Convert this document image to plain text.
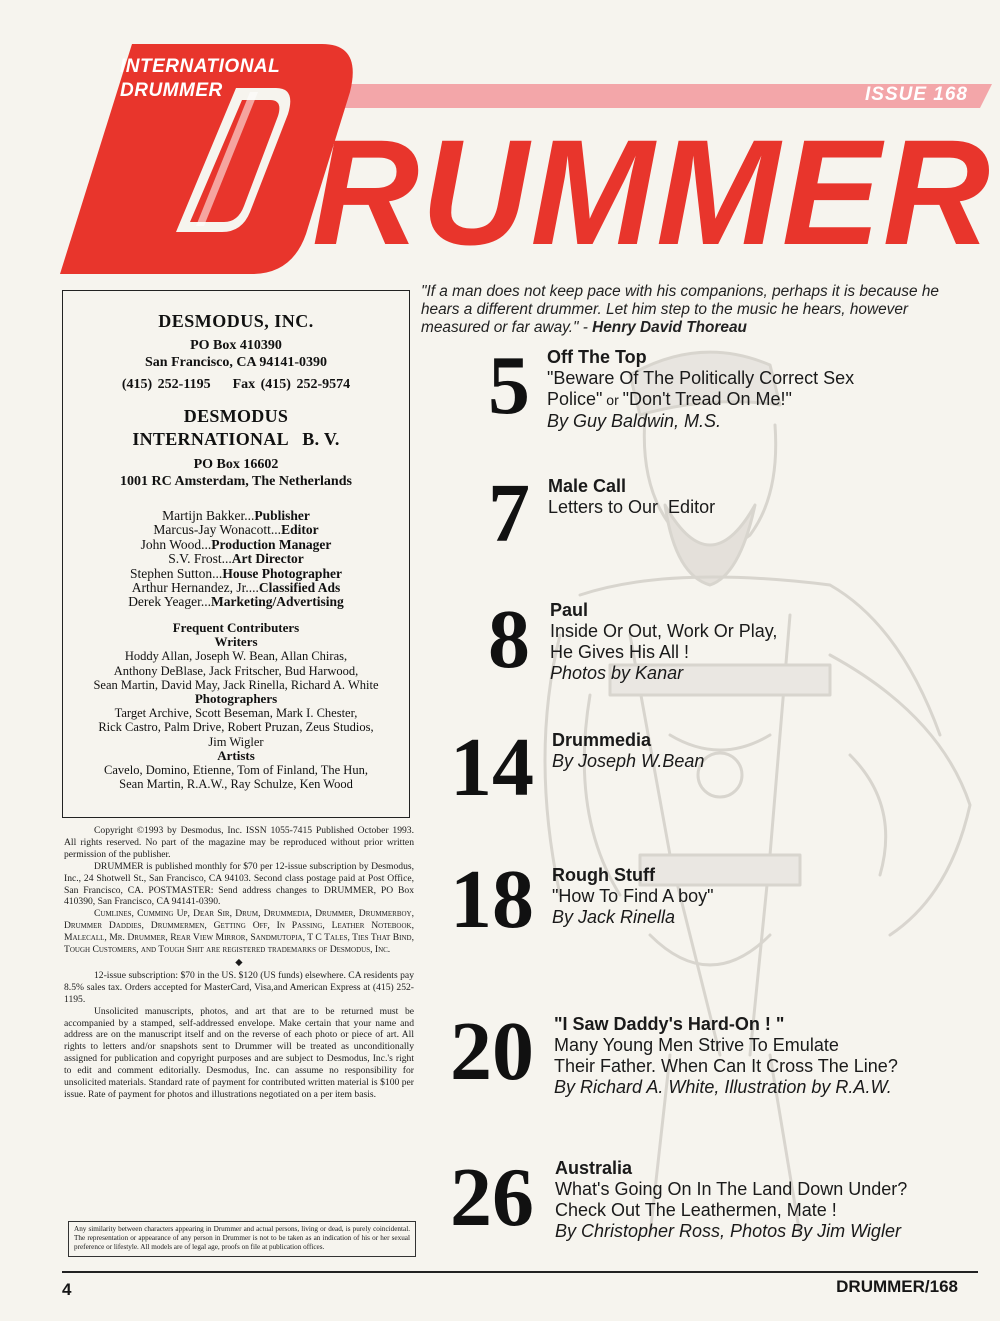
RUMMER
INTERNATIONAL
DRUMMER	ISSUE 168
"If a man does not keep pace with his companions, perhaps it is because he hears a different drummer. Let him step to the music he hears, however measured or far away." - Henry David Thoreau
DESMODUS, INC.
PO Box 410390
San Francisco, CA 94141-0390
(415) 252-1195 Fax (415) 252-9574
DESMODUS
INTERNATIONAL   B. V.
PO Box 16602
1001 RC Amsterdam, The Netherlands
Martijn Bakker...Publisher
Marcus-Jay Wonacott...Editor
John Wood...Production Manager
S.V. Frost...Art Director
Stephen Sutton...House Photographer
Arthur Hernandez, Jr....Classified Ads
Derek Yeager...Marketing/Advertising
Frequent Contributers
Writers
Hoddy Allan, Joseph W. Bean, Allan Chiras,
Anthony DeBlase, Jack Fritscher, Bud Harwood,
Sean Martin, David May, Jack Rinella, Richard A. White
Photographers
Target Archive, Scott Beseman, Mark I. Chester,
Rick Castro, Palm Drive, Robert Pruzan, Zeus Studios,
Jim Wigler
Artists
Cavelo, Domino, Etienne, Tom of Finland, The Hun,
Sean Martin, R.A.W., Ray Schulze, Ken Wood

Copyright ©1993 by Desmodus, Inc. ISSN 1055-7415 Published October 1993. All rights reserved. No part of the magazine may be reproduced without prior written permission of the publisher.

DRUMMER is published monthly for $70 per 12-issue subscription by Desmodus, Inc., 24 Shotwell St., San Francisco, CA 94103. Second class postage paid at Post Office, San Francisco, CA. POSTMASTER: Send address changes to DRUMMER, PO Box 410390, San Francisco, CA 94141-0390.

Cumlines, Cumming Up, Dear Sir, Drum, Drummedia, Drummer, Drummerboy, Drummer Daddies, Drummermen, Getting Off, In Passing, Leather Notebook, Malecall, Mr. Drummer, Rear View Mirror, Sandmutopia, T C Tales, Ties That Bind, Tough Customers, and Tough Shit are registered trademarks of Desmodus, Inc.

◆

12-issue subscription: $70 in the US. $120 (US funds) elsewhere. CA residents pay 8.5% sales tax. Orders accepted for MasterCard, Visa,and American Express at (415) 252-1195.

Unsolicited manuscripts, photos, and art that are to be returned must be accompanied by a stamped, self-addressed envelope. Make certain that your name and address are on the manuscript itself and on the reverse of each photo or piece of art. All rights to letters and/or snapshots sent to Drummer will be treated as unconditionally assigned for publication and copyright purposes and are subject to Desmodus, Inc.'s right to edit and comment editorially. Desmodus, Inc. can assume no responsibility for unsolicited materials. Standard rate of payment for contributed written material is $100 per issue. Rate of payment for photos and illustrations negotiated on a per item basis.

Any similarity between characters appearing in Drummer and actual persons, living or dead, is purely coincidental. The representation or appearance of any person in Drummer is not to be taken as an indication of his or her sexual preference or lifestyle. All models are of legal age, proofs on file at publication offices.
5 Off The Top
"Beware Of The Politically Correct Sex
Police" or "Don't Tread On Me!"
By Guy Baldwin, M.S.
7 Male Call
Letters to Our  Editor
8 Paul
Inside Or Out, Work Or Play,
He Gives His All !
Photos by Kanar
14 Drummedia
By Joseph W.Bean
18 Rough Stuff
"How To Find A boy"
By Jack Rinella
20 "I Saw Daddy's Hard-On ! "
Many Young Men Strive To Emulate
Their Father. When Can It Cross The Line?
By Richard A. White, Illustration by R.A.W.
26 Australia
What's Going On In The Land Down Under?
Check Out The Leathermen, Mate !
By Christopher Ross, Photos By Jim Wigler
4	DRUMMER/168
